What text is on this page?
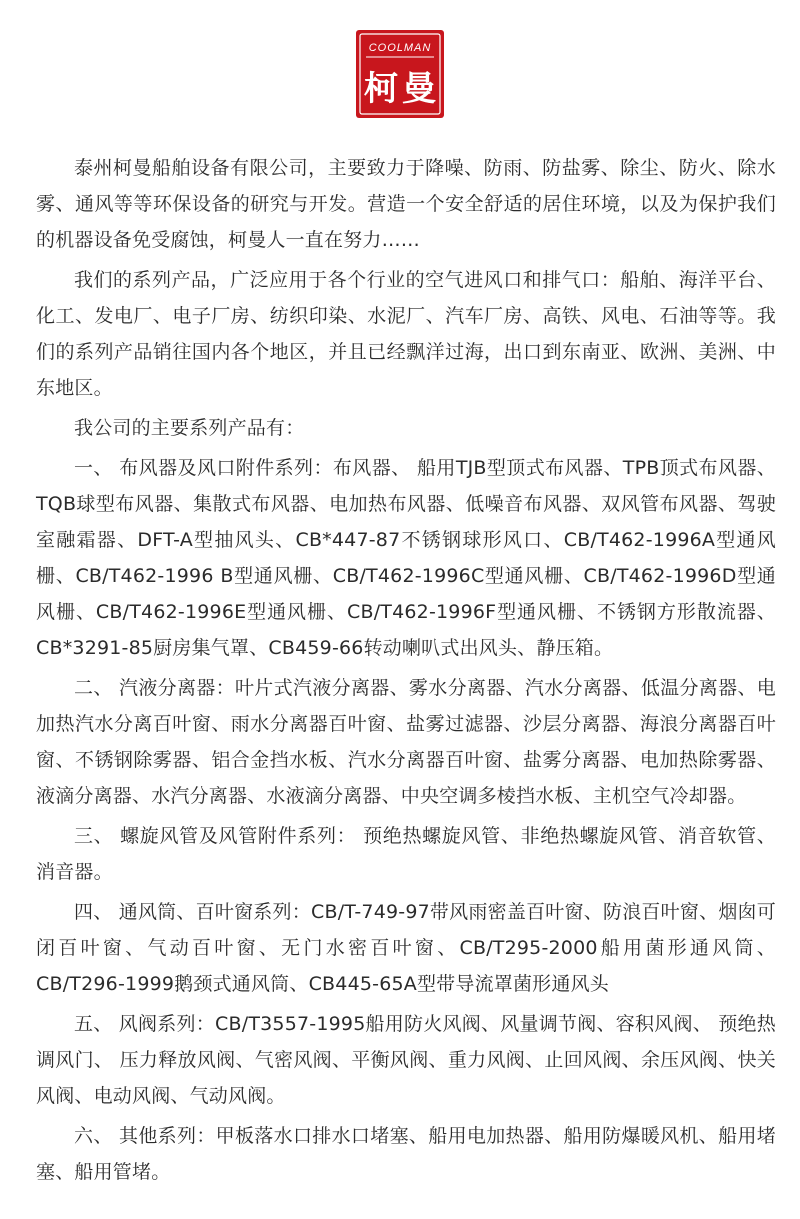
COOLMAN
柯 曼

泰州柯曼船舶设备有限公司，主要致力于降噪、防雨、防盐雾、除尘、防火、除水雾、通风等等环保设备的研究与开发。营造一个安全舒适的居住环境，以及为保护我们的机器设备免受腐蚀，柯曼人一直在努力……

我们的系列产品，广泛应用于各个行业的空气进风口和排气口：船舶、海洋平台、化工、发电厂、电子厂房、纺织印染、水泥厂、汽车厂房、高铁、风电、石油等等。我们的系列产品销往国内各个地区，并且已经飘洋过海，出口到东南亚、欧洲、美洲、中东地区。

我公司的主要系列产品有：

一、 布风器及风口附件系列：布风器、 船用TJB型顶式布风器、TPB顶式布风器、TQB球型布风器、集散式布风器、电加热布风器、低噪音布风器、双风管布风器、驾驶室融霜器、DFT-A型抽风头、CB*447-87不锈钢球形风口、CB/T462-1996A型通风栅、CB/T462-1996 B型通风栅、CB/T462-1996C型通风栅、CB/T462-1996D型通风栅、CB/T462-1996E型通风栅、CB/T462-1996F型通风栅、不锈钢方形散流器、CB*3291-85厨房集气罩、CB459-66转动喇叭式出风头、静压箱。

二、 汽液分离器：叶片式汽液分离器、雾水分离器、汽水分离器、低温分离器、电加热汽水分离百叶窗、雨水分离器百叶窗、盐雾过滤器、沙层分离器、海浪分离器百叶窗、不锈钢除雾器、铝合金挡水板、汽水分离器百叶窗、盐雾分离器、电加热除雾器、液滴分离器、水汽分离器、水液滴分离器、中央空调多棱挡水板、主机空气冷却器。

三、 螺旋风管及风管附件系列： 预绝热螺旋风管、非绝热螺旋风管、消音软管、消音器。

四、 通风筒、百叶窗系列：CB/T-749-97带风雨密盖百叶窗、防浪百叶窗、烟囱可闭百叶窗、气动百叶窗、无门水密百叶窗、CB/T295-2000船用菌形通风筒、CB/T296-1999鹅颈式通风筒、CB445-65A型带导流罩菌形通风头

五、 风阀系列：CB/T3557-1995船用防火风阀、风量调节阀、容积风阀、 预绝热调风门、 压力释放风阀、气密风阀、平衡风阀、重力风阀、止回风阀、余压风阀、快关风阀、电动风阀、气动风阀。

六、 其他系列：甲板落水口排水口堵塞、船用电加热器、船用防爆暖风机、船用堵塞、船用管堵。
